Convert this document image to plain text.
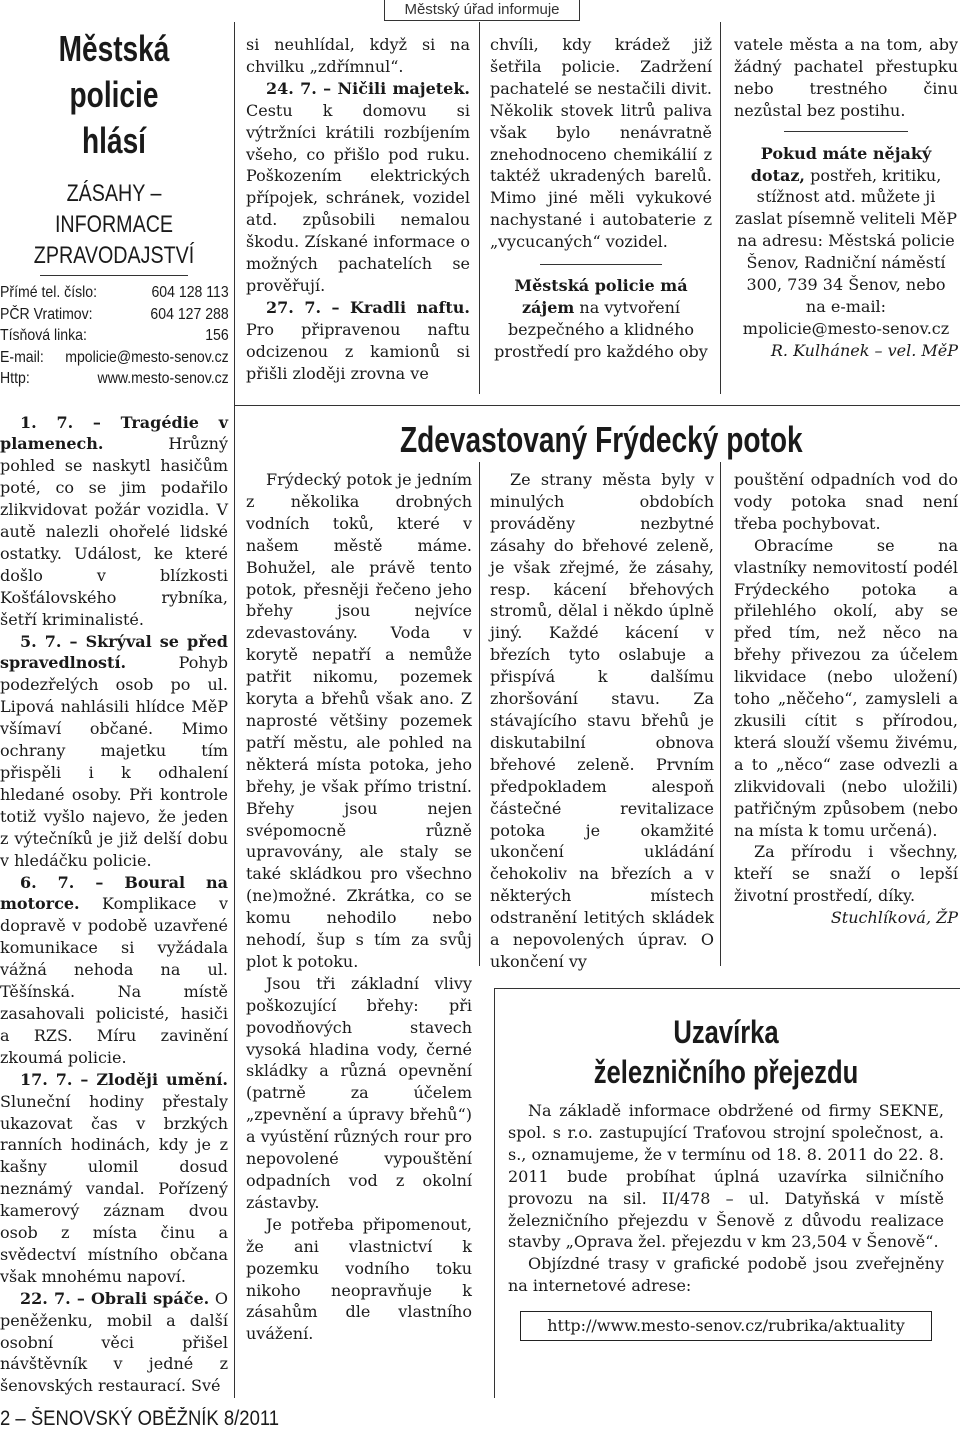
Městský úřad informuje
Městská policie
hlásí
ZÁSAHY – INFORMACE
ZPRAVODAJSTVÍ
Přímé tel. číslo:	604 128 113
PČR Vratimov:	604 127 288
Tísňová linka:	156
E-mail: mpolicie@mesto-senov.cz
Http:	www.mesto-senov.cz

1. 7. – Tragédie v plamenech. Hrůzný pohled se naskytl hasičům poté, co se jim podařilo zlikvidovat požár vozidla. V autě nalezli ohořelé lidské ostatky. Událost, ke které došlo v blízkosti Košťálovského rybníka, šetří kriminalisté.

5. 7. – Skrýval se před spravedlností. Pohyb podezřelých osob po ul. Lipová nahlásili hlídce MěP všímaví občané. Mimo ochrany majetku tím přispěli i k odhalení hledané osoby. Při kontrole totiž vyšlo najevo, že jeden z výtečníků je již delší dobu v hledáčku policie.

6. 7. – Boural na motorce. Komplikace v dopravě v podobě uzavřené komunikace si vyžádala vážná nehoda na ul. Těšínská. Na místě zasahovali policisté, hasiči a RZS. Míru zavinění zkoumá policie.

17. 7. – Zloději umění. Sluneční hodiny přestaly ukazovat čas v brzkých ranních hodinách, kdy je z kašny ulomil dosud neznámý vandal. Pořízený kamerový záznam dvou osob z místa činu a svědectví místního občana však mnohému napoví.

22. 7. – Obrali spáče. O peněženku, mobil a další osobní věci přišel návštěvník v jedné z šenovských restaurací. Své

si neuhlídal, když si na chvilku „zdřímnul“.

24. 7. – Ničili majetek. Cestu k domovu si výtržníci krátili rozbíjením všeho, co přišlo pod ruku. Poškozením elektrických přípojek, schránek, vozidel atd. způsobili nemalou škodu. Získané informace o možných pachatelích se prověřují.

27. 7. – Kradli naftu. Pro připravenou naftu odcizenou z kamionů si přišli zloději zrovna ve

chvíli, kdy krádež již šetřila policie. Zadržení pachatelé se nestačili divit. Několik stovek litrů paliva však bylo nenávratně znehodnoceno chemikálií z taktéž ukradených barelů. Mimo jiné měli vykukové nachystané i autobaterie z „vycucaných“ vozidel.

Městská policie má zájem na vytvoření bezpečného a klidného prostředí pro každého oby

vatele města a na tom, aby žádný pachatel přestupku nebo trestného činu nezůstal bez postihu.

Pokud máte nějaký dotaz, postřeh, kritiku, stížnost atd. můžete ji zaslat písemně veliteli MěP na adresu: Městská policie Šenov, Radniční náměstí 300, 739 34 Šenov, nebo na e-mail: mpolicie@mesto-senov.cz

R. Kulhánek – vel. MěP

Zdevastovaný Frýdecký potok

Frýdecký potok je jedním z několika drobných vodních toků, které v našem městě máme. Bohužel, ale právě tento potok, přesněji řečeno jeho břehy jsou nejvíce zdevastovány. Voda v korytě nepatří a nemůže patřit nikomu, pozemek koryta a břehů však ano. Z naprosté většiny pozemek patří městu, ale pohled na některá místa potoka, jeho břehy, je však přímo tristní. Břehy jsou nejen svépomocně různě upravovány, ale staly se také skládkou pro všechno (ne)možné. Zkrátka, co se komu nehodilo nebo nehodí, šup s tím za svůj plot k potoku.

Jsou tři základní vlivy poškozující břehy: při povodňových stavech vysoká hladina vody, černé skládky a různá opevnění (patrně za účelem „zpevnění a úpravy břehů“) a vyústění různých rour pro nepovolené vypouštění odpadních vod z okolní zástavby.

Je potřeba připomenout, že ani vlastnictví k pozemku vodního toku nikoho neopravňuje k zásahům dle vlastního uvážení.

Ze strany města byly v minulých obdobích prováděny nezbytné zásahy do břehové zeleně, je však zřejmé, že zásahy, resp. kácení břehových stromů, dělal i někdo úplně jiný. Každé kácení v březích tyto oslabuje a přispívá k dalšímu zhoršování stavu. Za stávajícího stavu břehů je diskutabilní obnova břehové zeleně. Prvním předpokladem alespoň částečné revitalizace potoka je okamžité ukončení ukládání čehokoliv na březích a v některých místech odstranění letitých skládek a nepovolených úprav. O ukončení vy

pouštění odpadních vod do vody potoka snad není třeba pochybovat.

Obracíme se na vlastníky nemovitostí podél Frýdeckého potoka a přilehlého okolí, aby se před tím, než něco na břehy přivezou za účelem likvidace (nebo uložení) toho „něčeho“, zamysleli a zkusili cítit s přírodou, která slouží všemu živému, a to „něco“ zase odvezli a zlikvidovali (nebo uložili) patřičným způsobem (nebo na místa k tomu určená).

Za přírodu i všechny, kteří se snaží o lepší životní prostředí, díky.

Stuchlíková, ŽP

Uzavírka
železničního přejezdu

Na základě informace obdržené od firmy SEKNE, spol. s r.o. zastupující Traťovou strojní společnost, a. s., oznamujeme, že v termínu od 18. 8. 2011 do 22. 8. 2011 bude probíhat úplná uzavírka silničního provozu na sil. II/478 – ul. Datyňská v místě železničního přejezdu v Šenově z důvodu realizace stavby „Oprava žel. přejezdu v km 23,504 v Šenově“.

Objízdné trasy v grafické podobě jsou zveřejněny na internetové adrese:

http://www.mesto-senov.cz/rubrika/aktuality
2 – ŠENOVSKÝ OBĚŽNÍK 8/2011
